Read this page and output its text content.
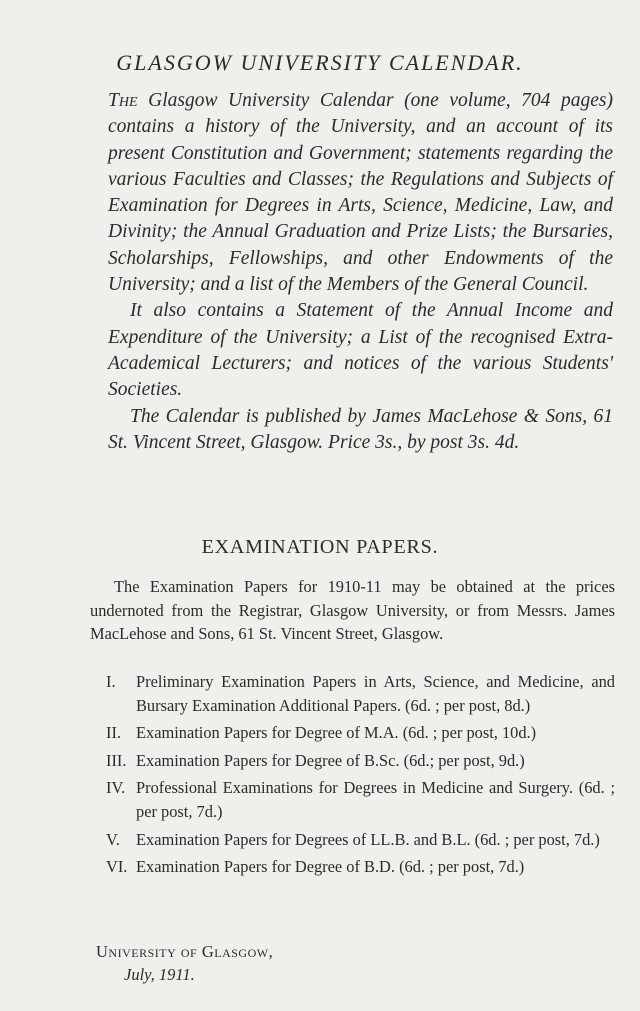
GLASGOW UNIVERSITY CALENDAR.

The Glasgow University Calendar (one volume, 704 pages) contains a history of the University, and an account of its present Constitution and Government; statements regarding the various Faculties and Classes; the Regulations and Subjects of Examination for Degrees in Arts, Science, Medicine, Law, and Divinity; the Annual Graduation and Prize Lists; the Bursaries, Scholarships, Fellowships, and other Endowments of the University; and a list of the Members of the General Council.

It also contains a Statement of the Annual Income and Expenditure of the University; a List of the recognised Extra-Academical Lecturers; and notices of the various Students' Societies.

The Calendar is published by James MacLehose & Sons, 61 St. Vincent Street, Glasgow. Price 3s., by post 3s. 4d.

EXAMINATION PAPERS.

The Examination Papers for 1910-11 may be obtained at the prices undernoted from the Registrar, Glasgow University, or from Messrs. James MacLehose and Sons, 61 St. Vincent Street, Glasgow.

I. Preliminary Examination Papers in Arts, Science, and Medicine, and Bursary Examination Additional Papers. (6d. ; per post, 8d.)
II. Examination Papers for Degree of M.A. (6d. ; per post, 10d.)
III. Examination Papers for Degree of B.Sc. (6d.; per post, 9d.)
IV. Professional Examinations for Degrees in Medicine and Surgery. (6d. ; per post, 7d.)
V. Examination Papers for Degrees of LL.B. and B.L. (6d. ; per post, 7d.)
VI. Examination Papers for Degree of B.D. (6d. ; per post, 7d.)
University of Glasgow,
July, 1911.
